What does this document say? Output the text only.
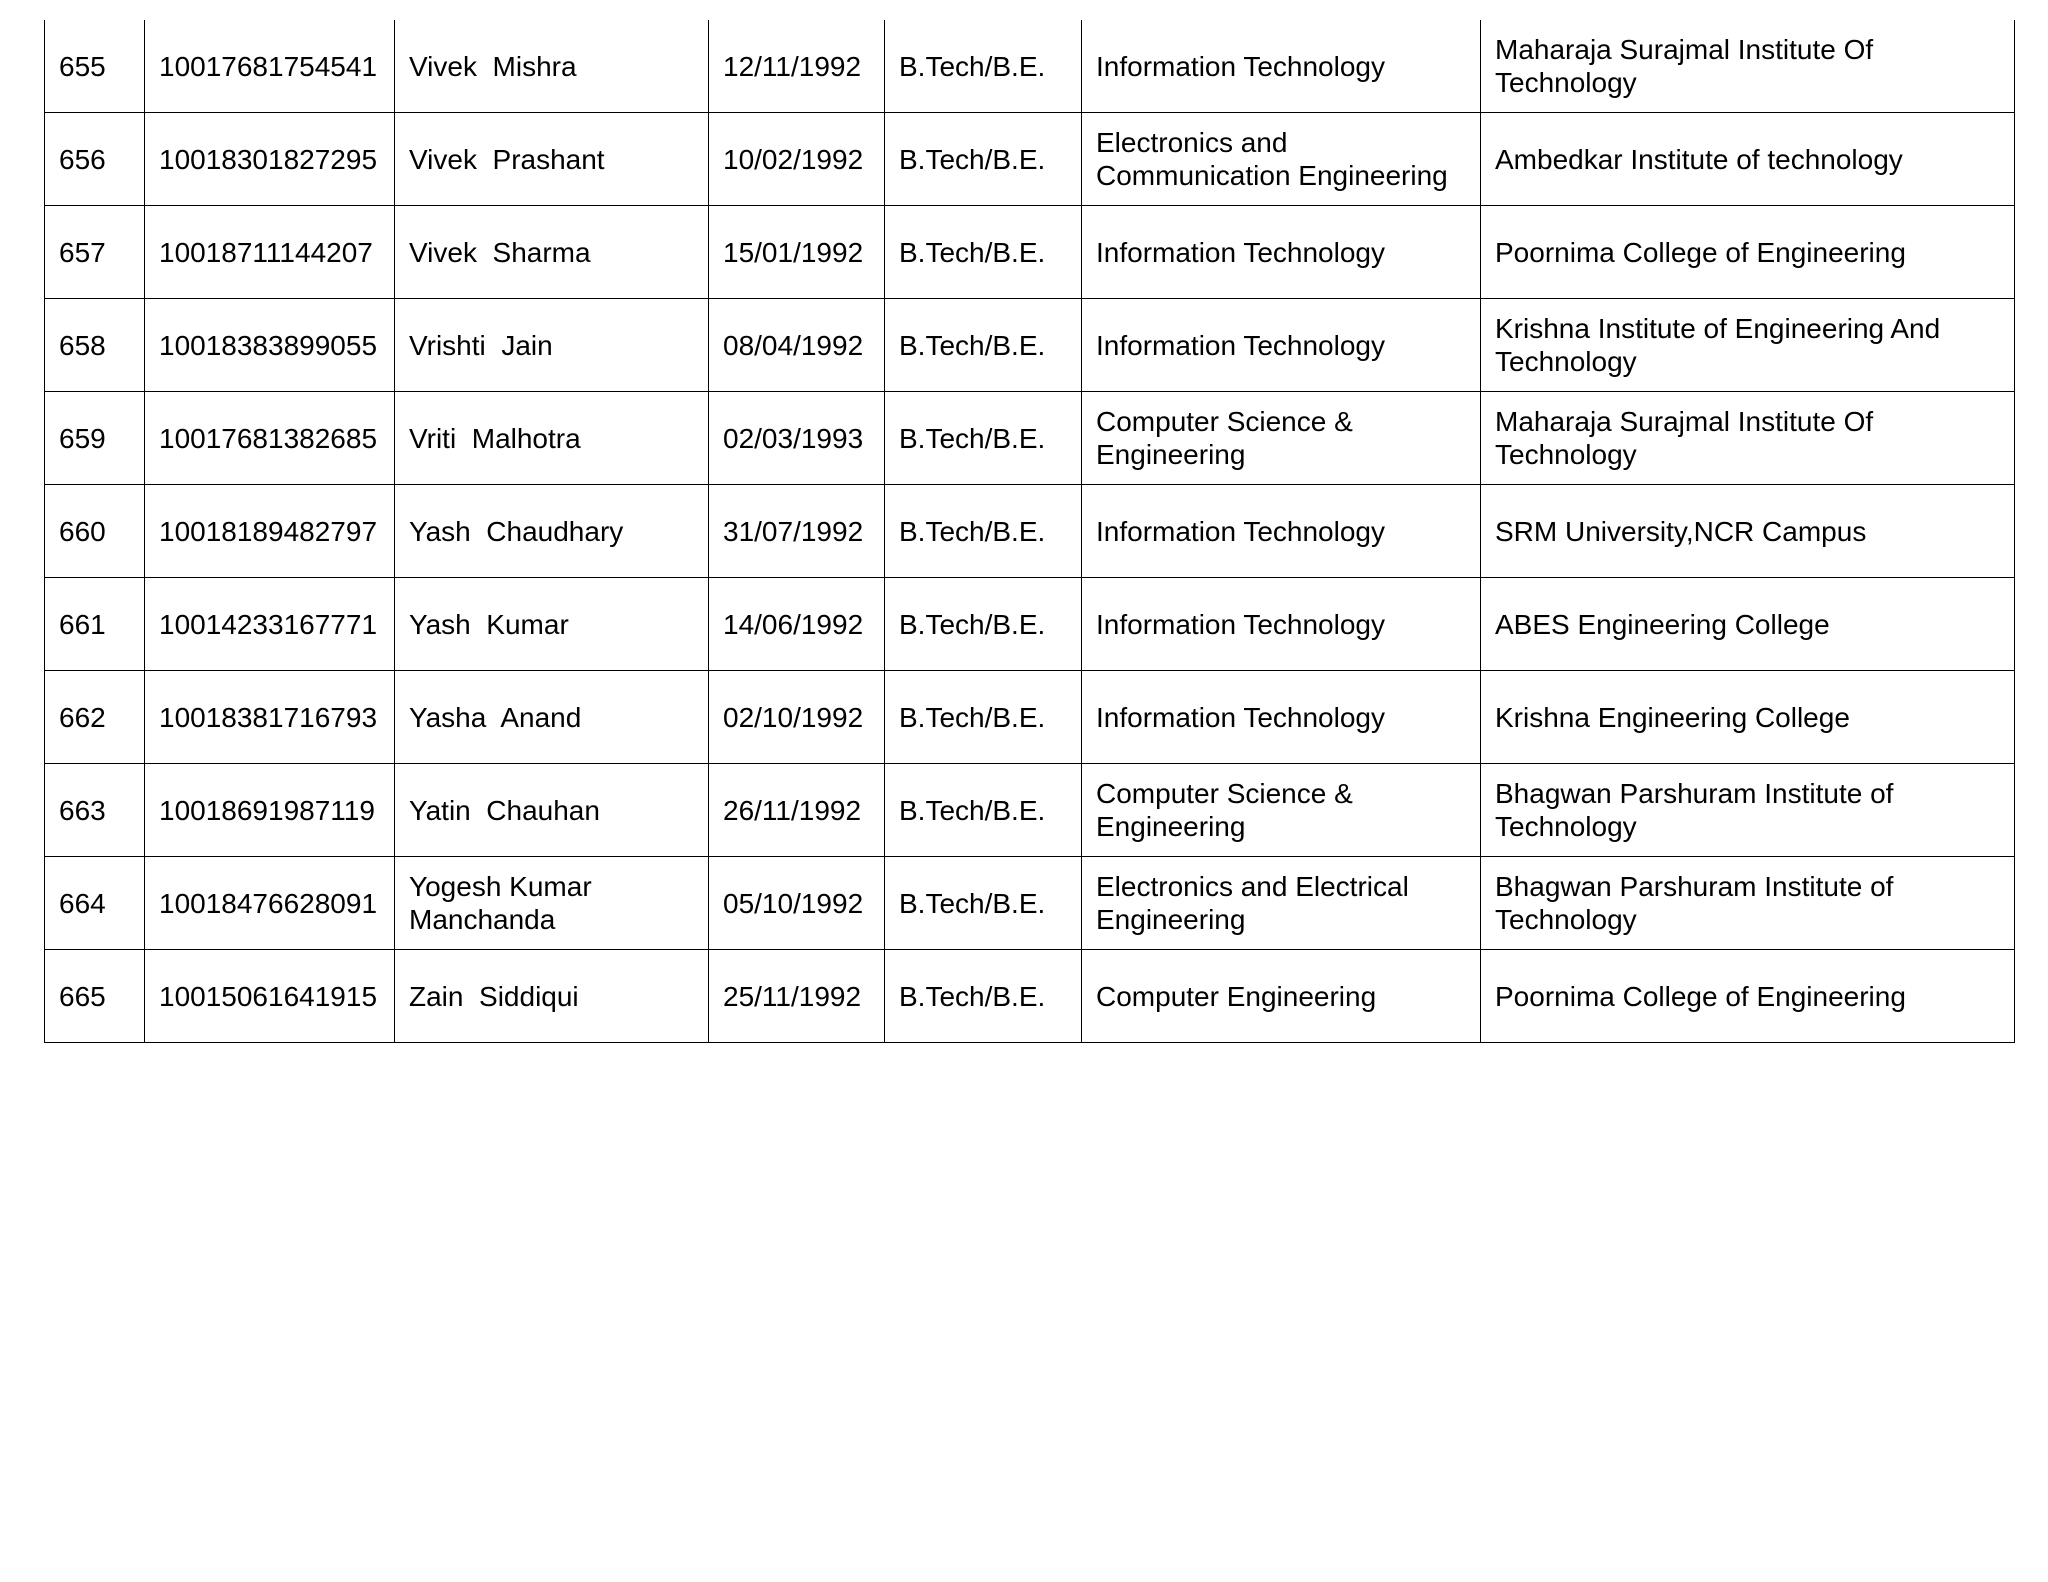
655	10017681754541	Vivek  Mishra	12/11/1992	B.Tech/B.E.	Information Technology	Maharaja Surajmal Institute Of Technology
656	10018301827295	Vivek  Prashant	10/02/1992	B.Tech/B.E.	Electronics and Communication Engineering	Ambedkar Institute of technology
657	10018711144207	Vivek  Sharma	15/01/1992	B.Tech/B.E.	Information Technology	Poornima College of Engineering
658	10018383899055	Vrishti  Jain	08/04/1992	B.Tech/B.E.	Information Technology	Krishna Institute of Engineering And Technology
659	10017681382685	Vriti  Malhotra	02/03/1993	B.Tech/B.E.	Computer Science & Engineering	Maharaja Surajmal Institute Of Technology
660	10018189482797	Yash  Chaudhary	31/07/1992	B.Tech/B.E.	Information Technology	SRM University,NCR Campus
661	10014233167771	Yash  Kumar	14/06/1992	B.Tech/B.E.	Information Technology	ABES Engineering College
662	10018381716793	Yasha  Anand	02/10/1992	B.Tech/B.E.	Information Technology	Krishna Engineering College
663	10018691987119	Yatin  Chauhan	26/11/1992	B.Tech/B.E.	Computer Science & Engineering	Bhagwan Parshuram Institute of Technology
664	10018476628091	Yogesh Kumar Manchanda	05/10/1992	B.Tech/B.E.	Electronics and Electrical Engineering	Bhagwan Parshuram Institute of Technology
665	10015061641915	Zain  Siddiqui	25/11/1992	B.Tech/B.E.	Computer Engineering	Poornima College of Engineering
